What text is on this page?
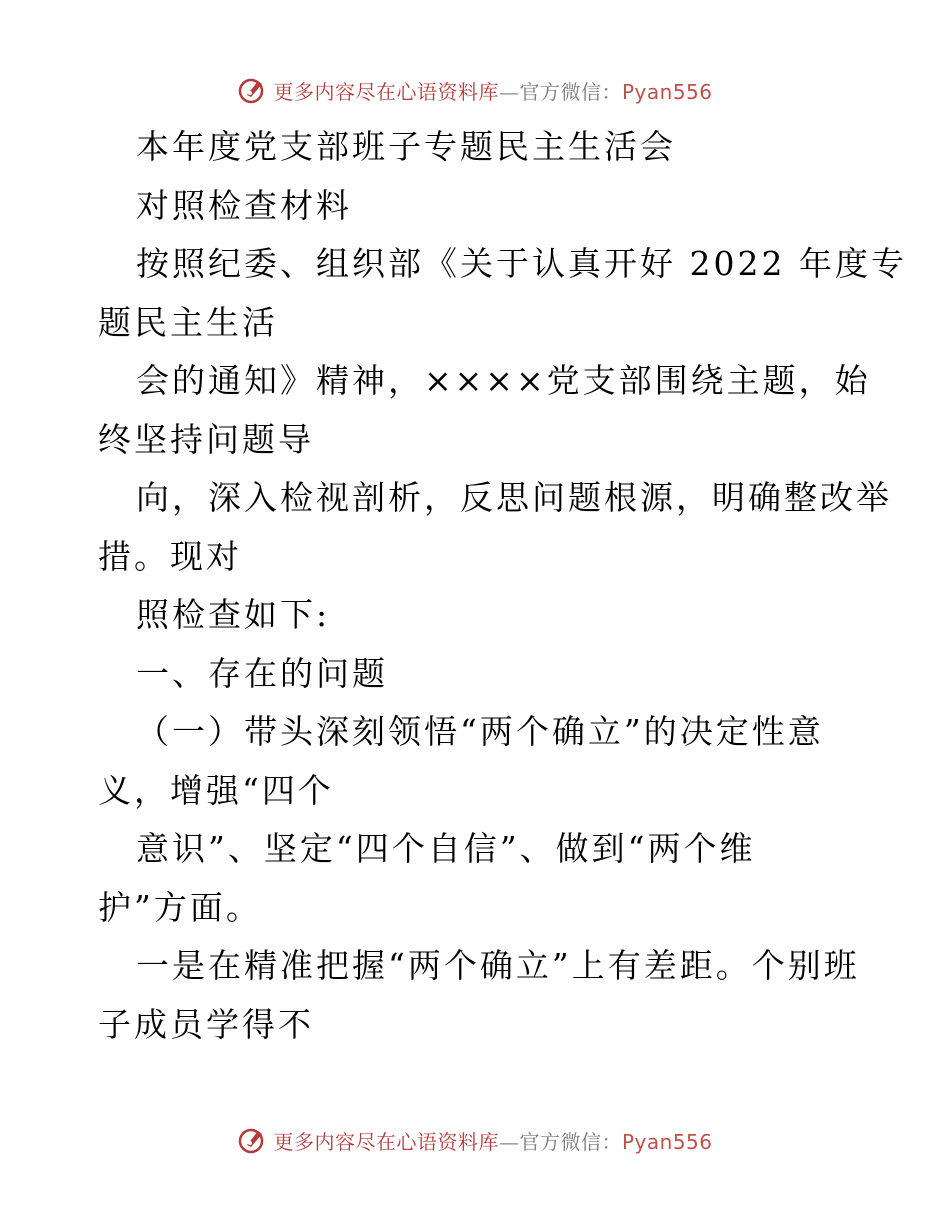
更多内容尽在心语资料库—官方微信：Pyan556
本年度党支部班子专题民主生活会
对照检查材料
按照纪委、组织部《关于认真开好 2022 年度专
题民主生活
会的通知》精神，××××党支部围绕主题，始
终坚持问题导
向，深入检视剖析，反思问题根源，明确整改举
措。现对
照检查如下:
一、存在的问题
（一）带头深刻领悟“两个确立”的决定性意
义，增强“四个
意识”、坚定“四个自信”、做到“两个维
护”方面。
一是在精准把握“两个确立”上有差距。个别班
子成员学得不
更多内容尽在心语资料库—官方微信：Pyan556
